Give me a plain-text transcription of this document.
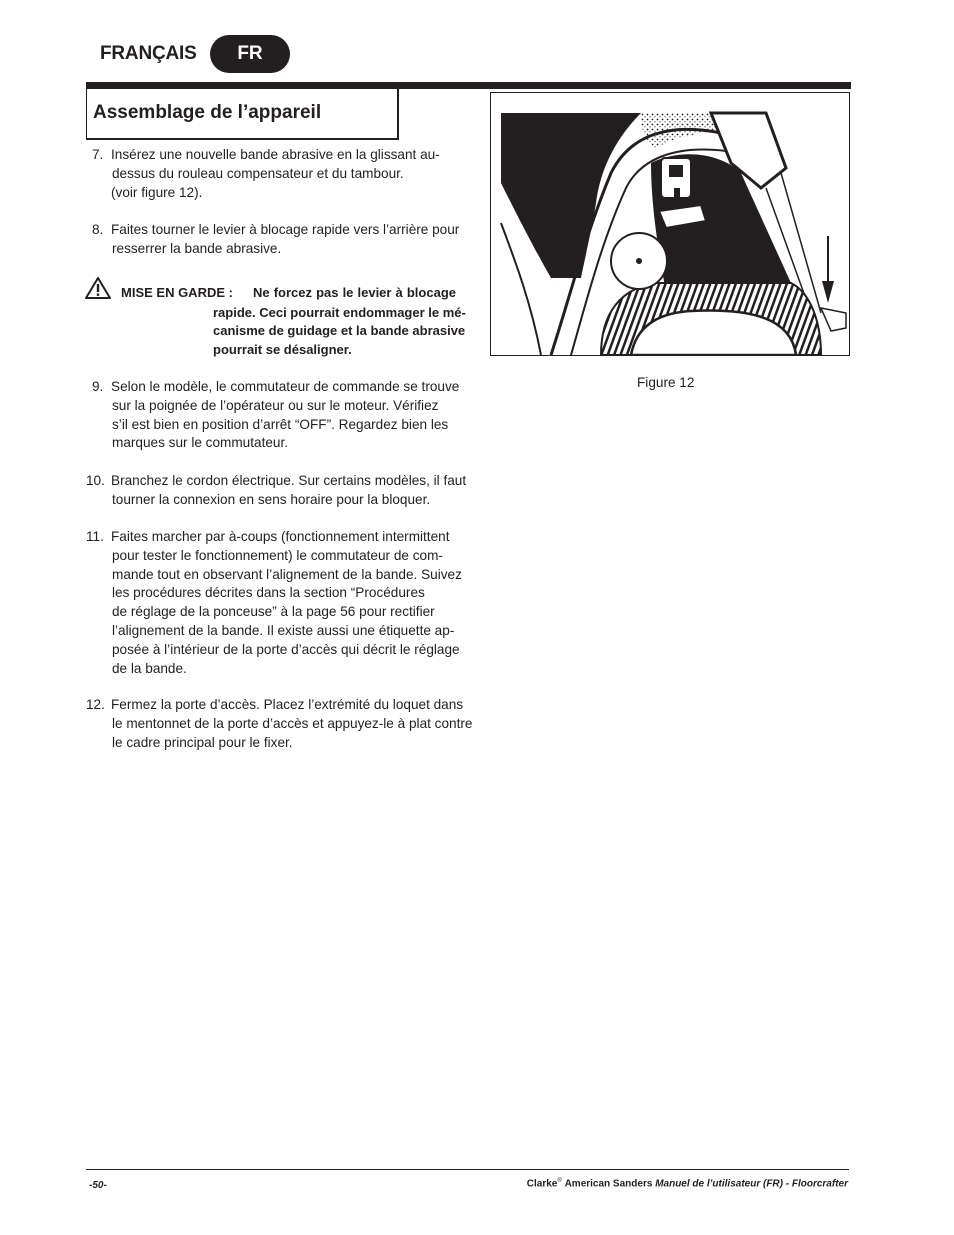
FRANÇAIS	FR
Assemblage de l’appareil
7. Insérez une nouvelle bande abrasive en la glissant au-
dessus du rouleau compensateur et du tambour.
(voir figure 12).
8. Faites tourner le levier à blocage rapide vers l’arrière pour
resserrer la bande abrasive.
MISE EN GARDE : Ne forcez pas le levier à blocage
rapide. Ceci pourrait endommager le mé-
canisme de guidage et la bande abrasive
pourrait se désaligner.
9. Selon le modèle, le commutateur de commande se trouve
sur la poignée de l’opérateur ou sur le moteur. Vérifiez
s’il est bien en position d’arrêt “OFF”. Regardez bien les
marques sur le commutateur.
10. Branchez le cordon électrique. Sur certains modèles, il faut
tourner la connexion en sens horaire pour la bloquer.
11. Faites marcher par à-coups (fonctionnement intermittent
pour tester le fonctionnement) le commutateur de com-
mande tout en observant l’alignement de la bande. Suivez
les procédures décrites dans la section “Procédures
de réglage de la ponceuse” à la page 56 pour rectifier
l’alignement de la bande. Il existe aussi une étiquette ap-
posée à l’intérieur de la porte d’accès qui décrit le réglage
de la bande.
12. Fermez la porte d’accès. Placez l’extrémité du loquet dans
le mentonnet de la porte d’accès et appuyez-le à plat contre
le cadre principal pour le fixer.
Figure 12
-50-	Clarke® American Sanders Manuel de l’utilisateur (FR) - Floorcrafter
